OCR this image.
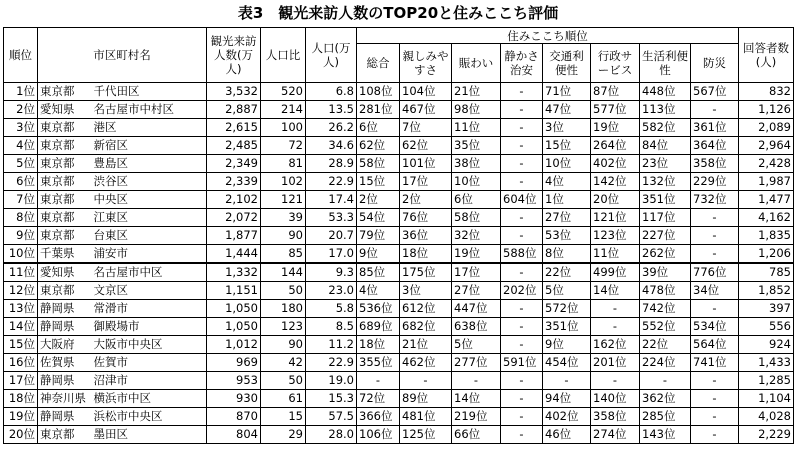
表3　観光来訪人数のTOP20と住みここち評価
順位	市区町村名		観光来訪人数(万人)	人口比	人口(万人)	住みここち順位								回答者数(人)
						総合	親しみやすさ	賑わい	静かさ治安	交通利便性	行政サービス	生活利便性	防災	
1位	東京都	千代田区	3,532	520	6.8	108位	104位	21位	-	71位	87位	448位	567位	832
2位	愛知県	名古屋市中村区	2,887	214	13.5	281位	467位	98位	-	47位	577位	113位	-	1,126
3位	東京都	港区	2,615	100	26.2	6位	7位	11位	-	3位	19位	582位	361位	2,089
4位	東京都	新宿区	2,485	72	34.6	62位	62位	35位	-	15位	264位	84位	364位	2,964
5位	東京都	豊島区	2,349	81	28.9	58位	101位	38位	-	10位	402位	23位	358位	2,428
6位	東京都	渋谷区	2,339	102	22.9	15位	17位	10位	-	4位	142位	132位	229位	1,987
7位	東京都	中央区	2,102	121	17.4	2位	2位	6位	604位	1位	20位	351位	732位	1,477
8位	東京都	江東区	2,072	39	53.3	54位	76位	58位	-	27位	121位	117位	-	4,162
9位	東京都	台東区	1,877	90	20.7	79位	36位	32位	-	53位	123位	227位	-	1,835
10位	千葉県	浦安市	1,444	85	17.0	9位	18位	19位	588位	8位	11位	262位	-	1,206
11位	愛知県	名古屋市中区	1,332	144	9.3	85位	175位	17位	-	22位	499位	39位	776位	785
12位	東京都	文京区	1,151	50	23.0	4位	3位	27位	202位	5位	14位	478位	34位	1,852
13位	静岡県	常滑市	1,050	180	5.8	536位	612位	447位	-	572位	-	742位	-	397
14位	静岡県	御殿場市	1,050	123	8.5	689位	682位	638位	-	351位	-	552位	534位	556
15位	大阪府	大阪市中央区	1,012	90	11.2	18位	21位	5位	-	9位	162位	22位	564位	924
16位	佐賀県	佐賀市	969	42	22.9	355位	462位	277位	591位	454位	201位	224位	741位	1,433
17位	静岡県	沼津市	953	50	19.0	-	-	-	-	-	-	-	-	1,285
18位	神奈川県	横浜市中区	930	61	15.3	72位	89位	14位	-	94位	140位	362位	-	1,104
19位	静岡県	浜松市中央区	870	15	57.5	366位	481位	219位	-	402位	358位	285位	-	4,028
20位	東京都	墨田区	804	29	28.0	106位	125位	66位	-	46位	274位	143位	-	2,229
